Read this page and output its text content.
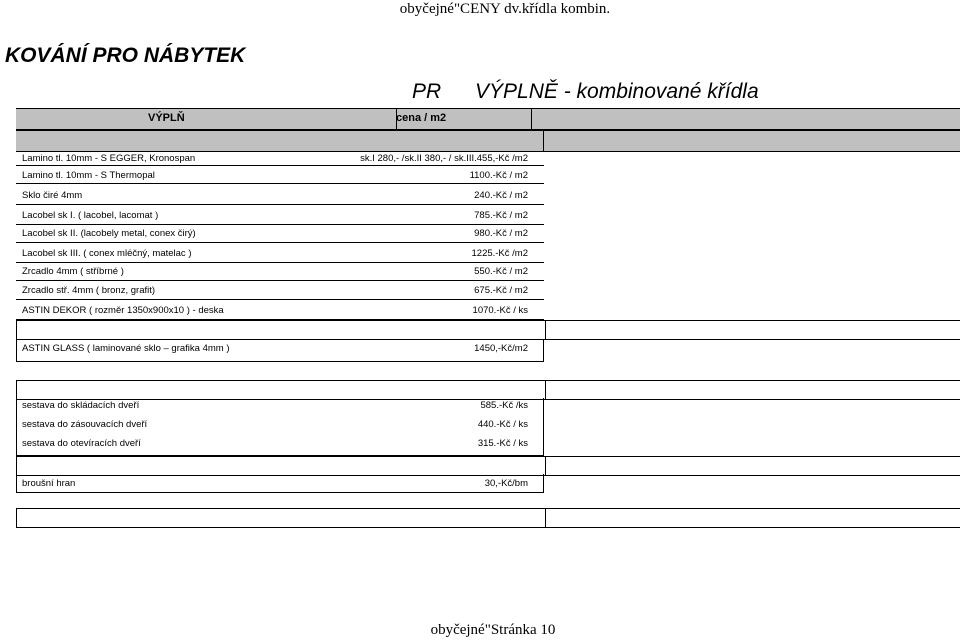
obyčejné"CENY dv.křídla kombin.
KOVÁNÍ PRO NÁBYTEK
PR VÝPLNĚ - kombinované křídla
VÝPLŇ	cena / m2
Lamino tl. 10mm - S EGGER, Kronospan	sk.I 280,- /sk.II 380,- / sk.III.455,-Kč /m2
Lamino tl. 10mm - S Thermopal	1100.-Kč / m2
Sklo čiré 4mm	240.-Kč / m2
Lacobel sk I. ( lacobel, lacomat )	785.-Kč / m2
Lacobel sk II. (lacobely metal, conex čirý)	980.-Kč / m2
Lacobel sk III. ( conex mléčný, matelac )	1225.-Kč /m2
Zrcadlo 4mm ( stříbrné )	550.-Kč / m2
Zrcadlo stř. 4mm ( bronz, grafit)	675.-Kč / m2
ASTIN DEKOR ( rozměr 1350x900x10 ) - deska	1070.-Kč / ks
ASTIN GLASS ( laminované sklo – grafika 4mm )	1450,-Kč/m2
sestava do skládacích dveří	585.-Kč /ks
sestava do zásouvacích dveří	440.-Kč / ks
sestava do otevíracích dveří	315.-Kč / ks
broušní hran	30,-Kč/bm
obyčejné"Stránka 10
